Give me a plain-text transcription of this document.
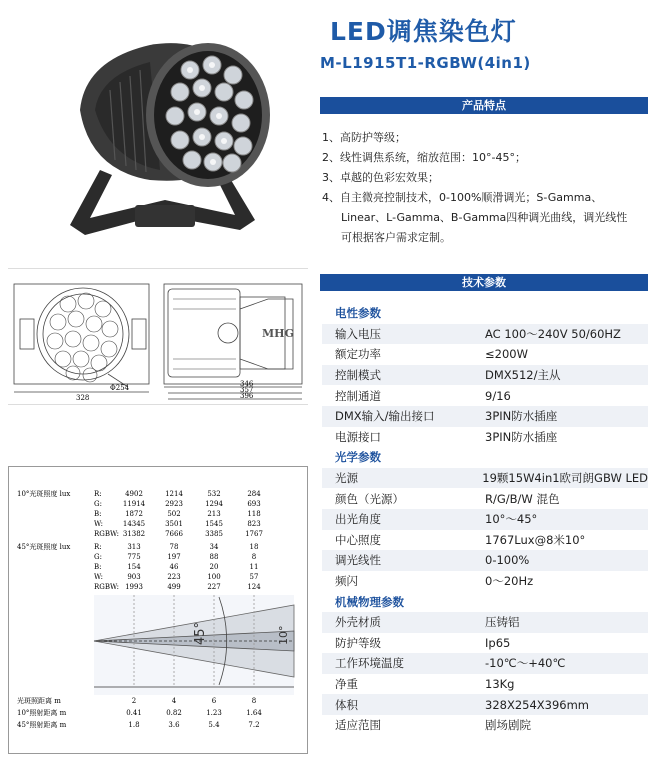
LED调焦染色灯
M-L1915T1-RGBW(4in1)
产品特点
1、高防护等级；
2、线性调焦系统，缩放范围：10°-45°；
3、卓越的色彩宏效果；
4、自主微亮控制技术，0-100%顺滑调光；S-Gamma、
Linear、L-Gamma、B-Gamma四种调光曲线，调光线性
可根据客户需求定制。
Φ254
328
MHG
346
357
396
10°光斑照度 lux
45°光斑照度 lux
R:	4902	1214	532	284
G:	11914	2923	1294	693
B:	1872	502	213	118
W:	14345	3501	1545	823
RGBW: 31382	7666	3385	1767
R:	313	78	34	18
G:	775	197	88	8
B:	154	46	20	11
W:	903	223	100	57
RGBW: 1993	499	227	124
45°	10°
光斑照距离 m	2	4	6	8
10°照射距离 m	0.41	0.82	1.23	1.64
45°照射距离 m	1.8	3.6	5.4	7.2
技术参数
电性参数
输入电压	AC 100～240V 50/60HZ
额定功率	≤200W
控制模式	DMX512/主从
控制通道	9/16
DMX输入/输出接口	3PIN防水插座
电源接口	3PIN防水插座
光学参数
光源	19颗15W4in1欧司朗GBW LED
颜色（光源）	R/G/B/W 混色
出光角度	10°～45°
中心照度	1767Lux@8米10°
调光线性	0-100%
频闪	0～20Hz
机械物理参数
外壳材质	压铸铝
防护等级	Ip65
工作环境温度	-10℃～+40℃
净重	13Kg
体积	328X254X396mm
适应范围	剧场剧院
